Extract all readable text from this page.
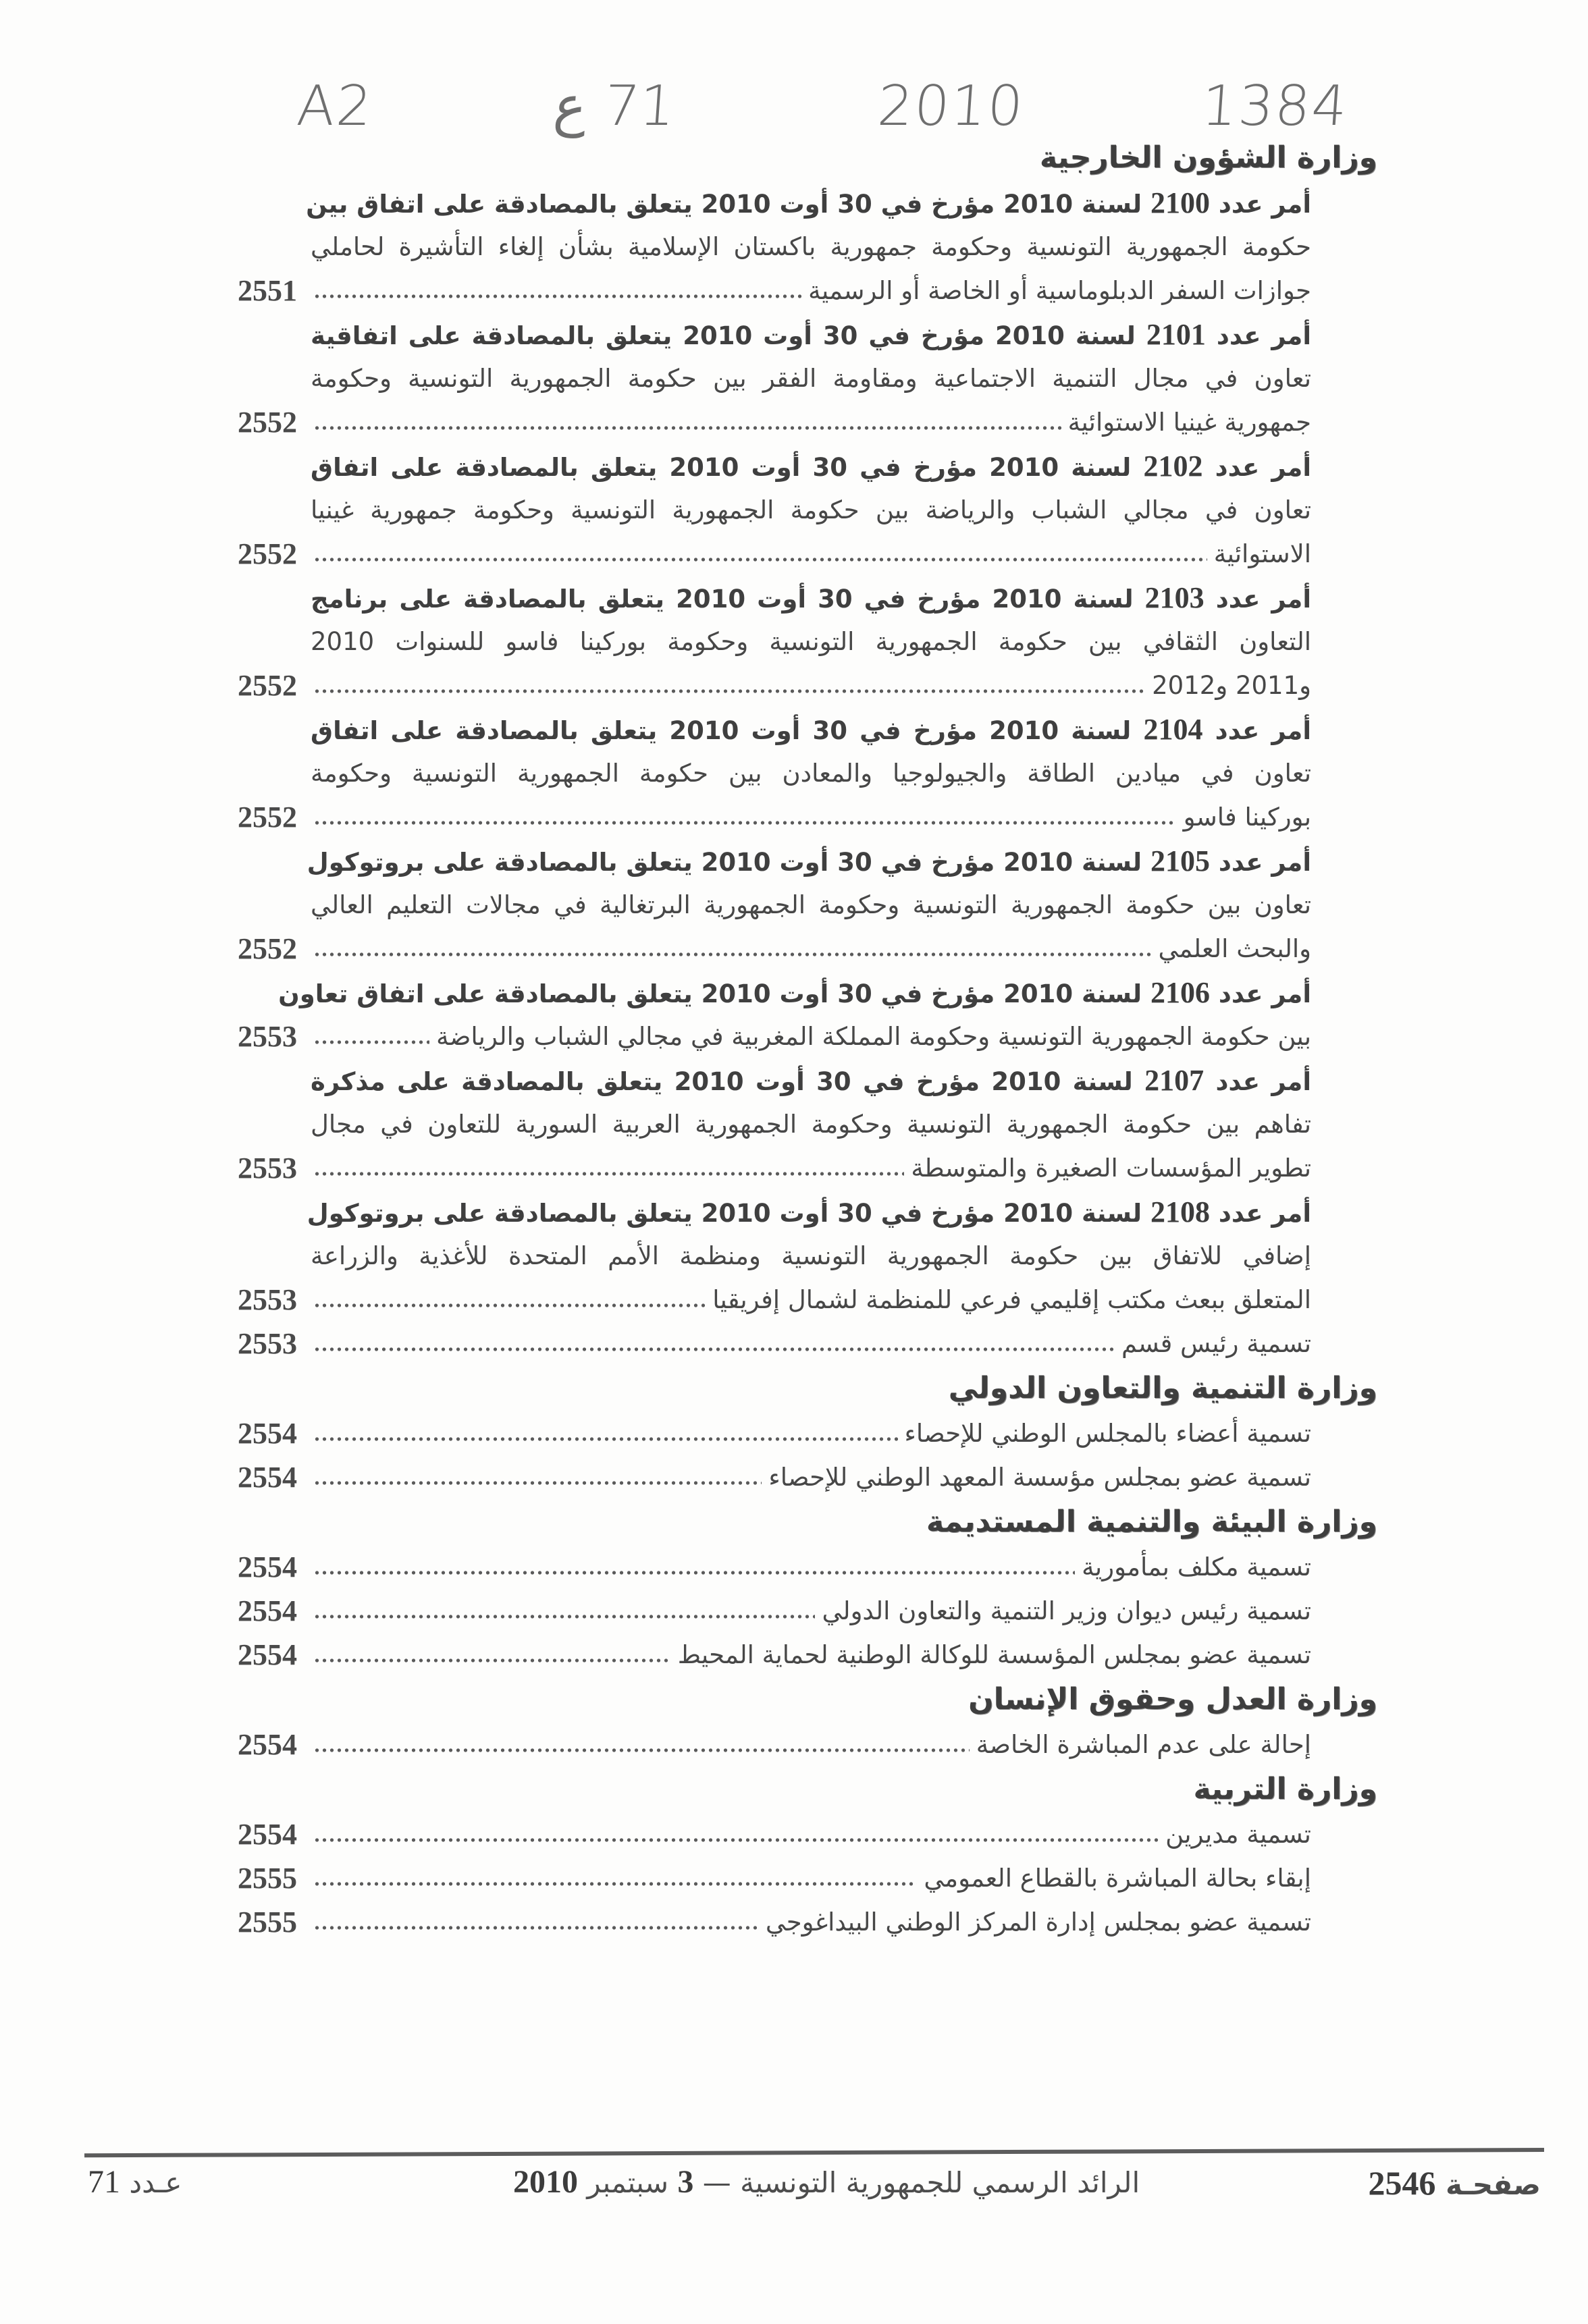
A2	71 ع	2010	1384
وزارة الشؤون الخارجية
أمر عدد 2100 لسنة 2010 مؤرخ في 30 أوت 2010 يتعلق بالمصادقة على اتفاق بين
حكومة الجمهورية التونسية وحكومة جمهورية باكستان الإسلامية بشأن إلغاء التأشيرة لحاملي
جوازات السفر الدبلوماسية أو الخاصة أو الرسمية
2551
أمر عدد 2101 لسنة 2010 مؤرخ في 30 أوت 2010 يتعلق بالمصادقة على اتفاقية
تعاون في مجال التنمية الاجتماعية ومقاومة الفقر بين حكومة الجمهورية التونسية وحكومة
جمهورية غينيا الاستوائية
2552
أمر عدد 2102 لسنة 2010 مؤرخ في 30 أوت 2010 يتعلق بالمصادقة على اتفاق
تعاون في مجالي الشباب والرياضة بين حكومة الجمهورية التونسية وحكومة جمهورية غينيا
الاستوائية
2552
أمر عدد 2103 لسنة 2010 مؤرخ في 30 أوت 2010 يتعلق بالمصادقة على برنامج
التعاون الثقافي بين حكومة الجمهورية التونسية وحكومة بوركينا فاسو للسنوات 2010
و2011 و2012
2552
أمر عدد 2104 لسنة 2010 مؤرخ في 30 أوت 2010 يتعلق بالمصادقة على اتفاق
تعاون في ميادين الطاقة والجيولوجيا والمعادن بين حكومة الجمهورية التونسية وحكومة
بوركينا فاسو
2552
أمر عدد 2105 لسنة 2010 مؤرخ في 30 أوت 2010 يتعلق بالمصادقة على بروتوكول
تعاون بين حكومة الجمهورية التونسية وحكومة الجمهورية البرتغالية في مجالات التعليم العالي
والبحث العلمي
2552
أمر عدد 2106 لسنة 2010 مؤرخ في 30 أوت 2010 يتعلق بالمصادقة على اتفاق تعاون
بين حكومة الجمهورية التونسية وحكومة المملكة المغربية في مجالي الشباب والرياضة
2553
أمر عدد 2107 لسنة 2010 مؤرخ في 30 أوت 2010 يتعلق بالمصادقة على مذكرة
تفاهم بين حكومة الجمهورية التونسية وحكومة الجمهورية العربية السورية للتعاون في مجال
تطوير المؤسسات الصغيرة والمتوسطة
2553
أمر عدد 2108 لسنة 2010 مؤرخ في 30 أوت 2010 يتعلق بالمصادقة على بروتوكول
إضافي للاتفاق بين حكومة الجمهورية التونسية ومنظمة الأمم المتحدة للأغذية والزراعة
المتعلق ببعث مكتب إقليمي فرعي للمنظمة لشمال إفريقيا
2553
تسمية رئيس قسم
2553
وزارة التنمية والتعاون الدولي
تسمية أعضاء بالمجلس الوطني للإحصاء
2554
تسمية عضو بمجلس مؤسسة المعهد الوطني للإحصاء
2554
وزارة البيئة والتنمية المستديمة
تسمية مكلف بمأمورية
2554
تسمية رئيس ديوان وزير التنمية والتعاون الدولي
2554
تسمية عضو بمجلس المؤسسة للوكالة الوطنية لحماية المحيط
2554
وزارة العدل وحقوق الإنسان
إحالة على عدم المباشرة الخاصة
2554
وزارة التربية
تسمية مديرين
2554
إبقاء بحالة المباشرة بالقطاع العمومي
2555
تسمية عضو بمجلس إدارة المركز الوطني البيداغوجي
2555
صفحـة 2546
الرائد الرسمي للجمهورية التونسية — 3 سبتمبر 2010
عـدد 71
